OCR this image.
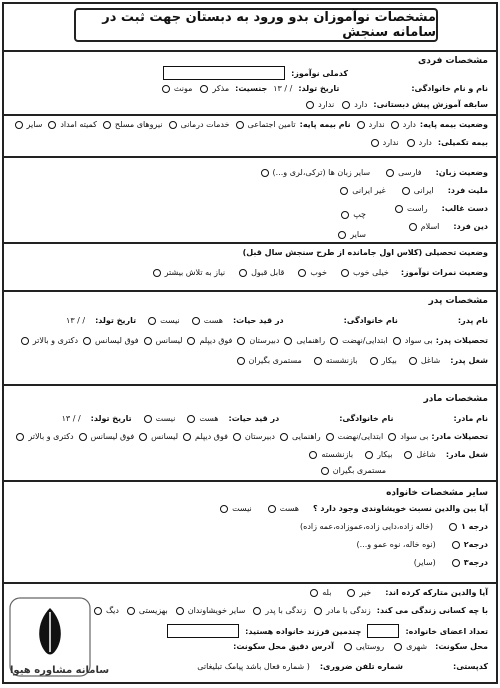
مشخصات نوآموزان بدو ورود به دبستان جهت ثبت در سامانه سنجش
مشخصات فردی
کدملی نوآموز:
نام و نام خانوادگی:
تاریخ تولد:
/ / ۱۳
جنسیت:
مذکر
مونث
سابقه آموزش پیش دبستانی:
دارد
ندارد
وضعیت بیمه پایه:
دارد
ندارد
نام بیمه پایه:
تامین اجتماعی
خدمات درمانی
نیروهای مسلح
کمیته امداد
سایر
بیمه تکمیلی:
دارد
ندارد
وضعیت زبان:
فارسی
سایر زبان ها (ترکی،لری و...)
ملیت فرد:
ایرانی
غیر ایرانی
دست غالب:
راست
چپ
دین فرد:
اسلام
سایر
وضعیت تحصیلی (کلاس اول جاماند‌ه از طرح سنجش سال قبل)
وضعیت نمرات نوآموز:
خیلی خوب
خوب
قابل قبول
نیاز به تلاش بیشتر
مشخصات پدر
نام پدر:
نام خانوادگی:
در قید حیات:
هست
نیست
تاریخ تولد:
/ / ۱۳
تحصیلات پدر:
بی سواد
ابتدایی/نهضت
راهنمایی
دبیرستان
فوق دیپلم
لیسانس
فوق لیسانس
دکتری و بالاتر
شغل پدر:
شاغل
بیکار
بازنشسته
مستمری بگیران
مشخصات مادر
نام مادر:
نام خانوادگی:
در قید حیات:
هست
نیست
تاریخ تولد:
/ / ۱۳
تحصیلات مادر:
بی سواد
ابتدایی/نهضت
راهنمایی
دبیرستان
فوق دیپلم
لیسانس
فوق لیسانس
دکتری و بالاتر
شغل مادر:
شاغل
بیکار
بازنشسته
مستمری بگیران
سایر مشخصات خانواده
آیا بین والدین نسبت خویشاوندی وجود دارد ؟
هست
نیست
درجه ۱
(خاله زاده،دایی زاده،عموزاده،عمه زاده)
درجه۲
(نوه خاله، نوه عمو و...)
درجه۳
(سایر)
آیا والدین متارکه کرده اند:
خیر
بله
با چه کسانی زندگی می کند:
زندگی با مادر
زندگی با پدر
سایر خویشاوندان
بهزیستی
دیگ
تعداد اعضای خانواده:
چندمین فرزند خانواده هستید:
محل سکونت:
شهری
روستایی
آدرس دقیق محل سکونت:
کدپستی:
شماره تلفن ضروری:
( شماره فعال باشد پیامک تبلیغاتی
سامانه مشاوره هیوا
